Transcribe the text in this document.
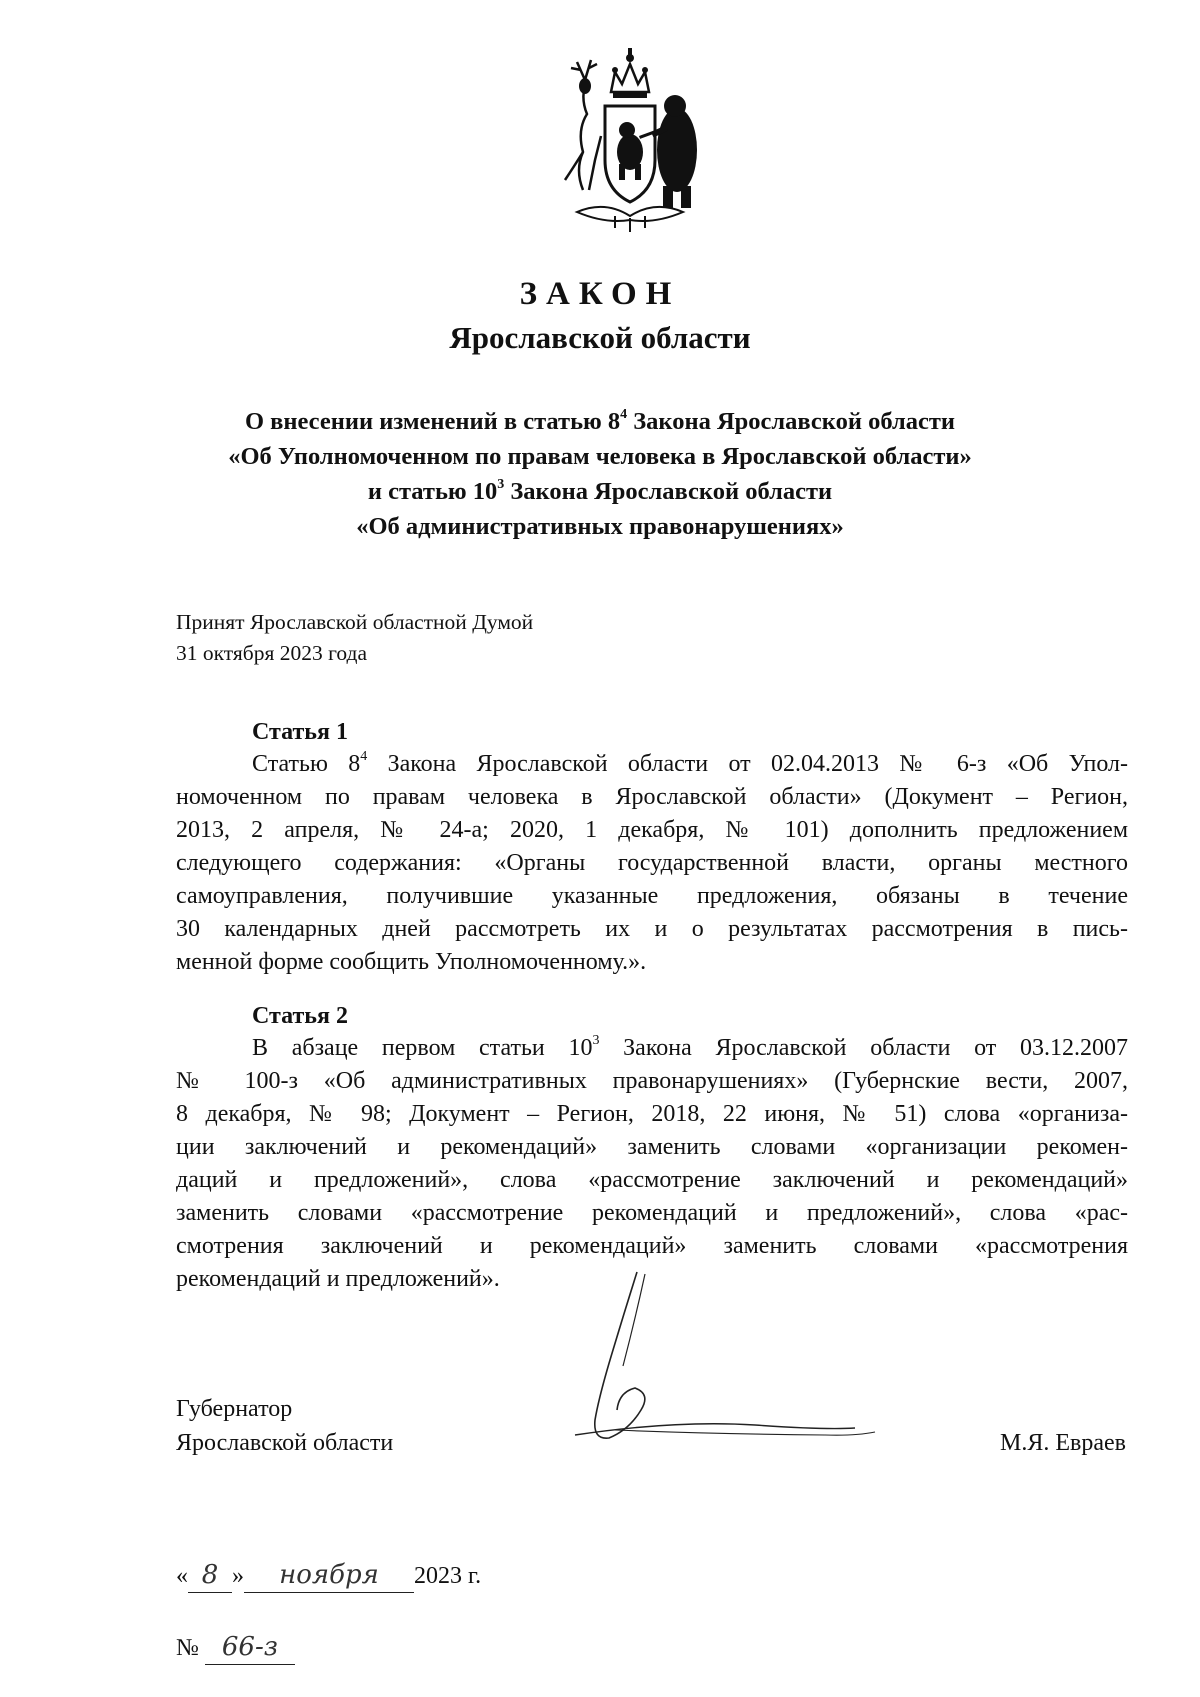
ЗАКОН
Ярославской области
О внесении изменений в статью $8^4$ Закона Ярославской области
«Об Уполномоченном по правам человека в Ярославской области»
и статью $10^3$ Закона Ярославской области
«Об административных правонарушениях»
Принят Ярославской областной Думой
31 октября 2023 года
Статья 1
Статью $8^4$ Закона Ярославской области от 02.04.2013 № 6-з «Об Упол-
номоченном по правам человека в Ярославской области» (Документ – Регион,
2013, 2 апреля, № 24-а; 2020, 1 декабря, № 101) дополнить предложением
следующего содержания: «Органы государственной власти, органы местного
самоуправления, получившие указанные предложения, обязаны в течение
30 календарных дней рассмотреть их и о результатах рассмотрения в пись-
менной форме сообщить Уполномоченному.».
Статья 2
В абзаце первом статьи $10^3$ Закона Ярославской области от 03.12.2007
№ 100-з «Об административных правонарушениях» (Губернские вести, 2007,
8 декабря, № 98; Документ – Регион, 2018, 22 июня, № 51) слова «организа-
ции заключений и рекомендаций» заменить словами «организации рекомен-
даций и предложений», слова «рассмотрение заключений и рекомендаций»
заменить словами «рассмотрение рекомендаций и предложений», слова «рас-
смотрения заключений и рекомендаций» заменить словами «рассмотрения
рекомендаций и предложений».
Губернатор
Ярославской области	М.Я. Евраев
« 8 » ноября 2023 г.
№ 66-з
